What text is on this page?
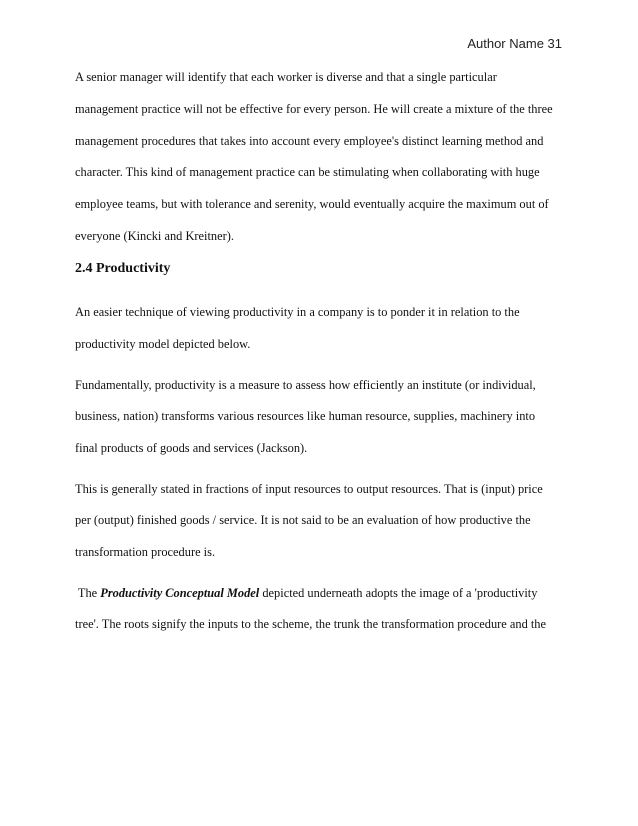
Author Name 31
A senior manager will identify that each worker is diverse and that a single particular
management practice will not be effective for every person. He will create a mixture of the three
management procedures that takes into account every employee's distinct learning method and
character. This kind of management practice can be stimulating when collaborating with huge
employee teams, but with tolerance and serenity, would eventually acquire the maximum out of
everyone (Kincki and Kreitner).
2.4 Productivity
An easier technique of viewing productivity in a company is to ponder it in relation to the
productivity model depicted below.
Fundamentally, productivity is a measure to assess how efficiently an institute (or individual,
business, nation) transforms various resources like human resource, supplies, machinery into
final products of goods and services (Jackson).
This is generally stated in fractions of input resources to output resources. That is (input) price
per (output) finished goods / service. It is not said to be an evaluation of how productive the
transformation procedure is.
The Productivity Conceptual Model depicted underneath adopts the image of a 'productivity
tree'. The roots signify the inputs to the scheme, the trunk the transformation procedure and the
